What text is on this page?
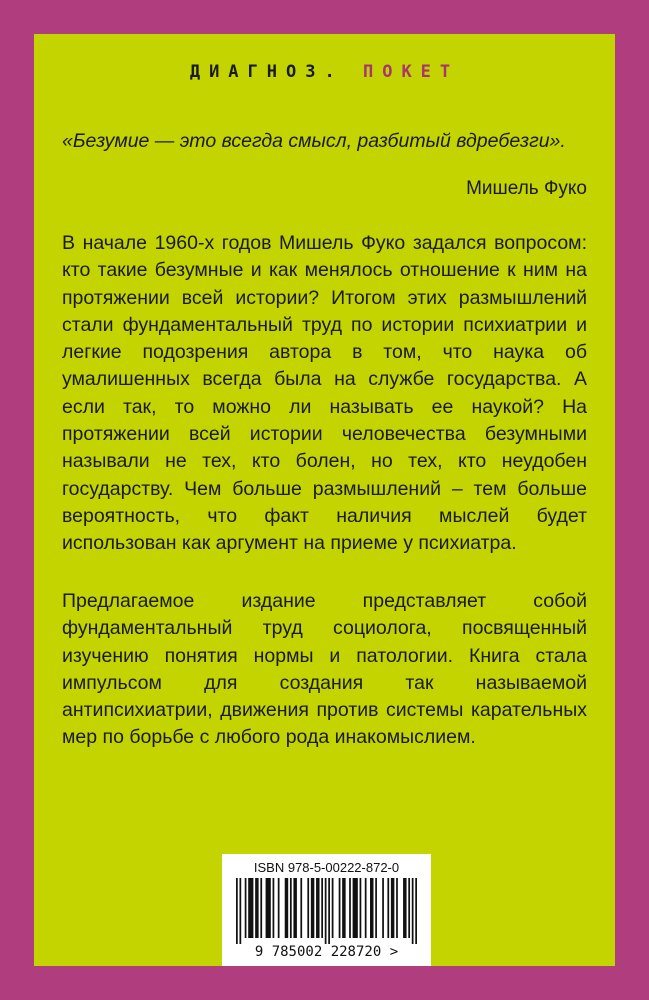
ДИАГНОЗ. ПОКЕТ
«Безумие — это всегда смысл, разбитый вдребезги».
Мишель Фуко

В начале 1960-х годов Мишель Фуко задался вопросом: кто такие безумные и как менялось отношение к ним на протяжении всей истории? Итогом этих размышлений стали фундаментальный труд по истории психиатрии и легкие подозрения автора в том, что наука об умалишенных всегда была на службе государства. А если так, то можно ли называть ее наукой? На протяжении всей истории человечества безумными называли не тех, кто болен, но тех, кто неудобен государству. Чем больше размышлений – тем больше вероятность, что факт наличия мыслей будет использован как аргумент на приеме у психиатра.

Предлагаемое издание представляет собой фундаментальный труд социолога, посвященный изучению понятия нормы и патологии. Книга стала импульсом для создания так называемой антипсихиатрии, движения против системы карательных мер по борьбе с любого рода инакомыслием.

ISBN 978-5-00222-872-0
9 785002 228720 >
